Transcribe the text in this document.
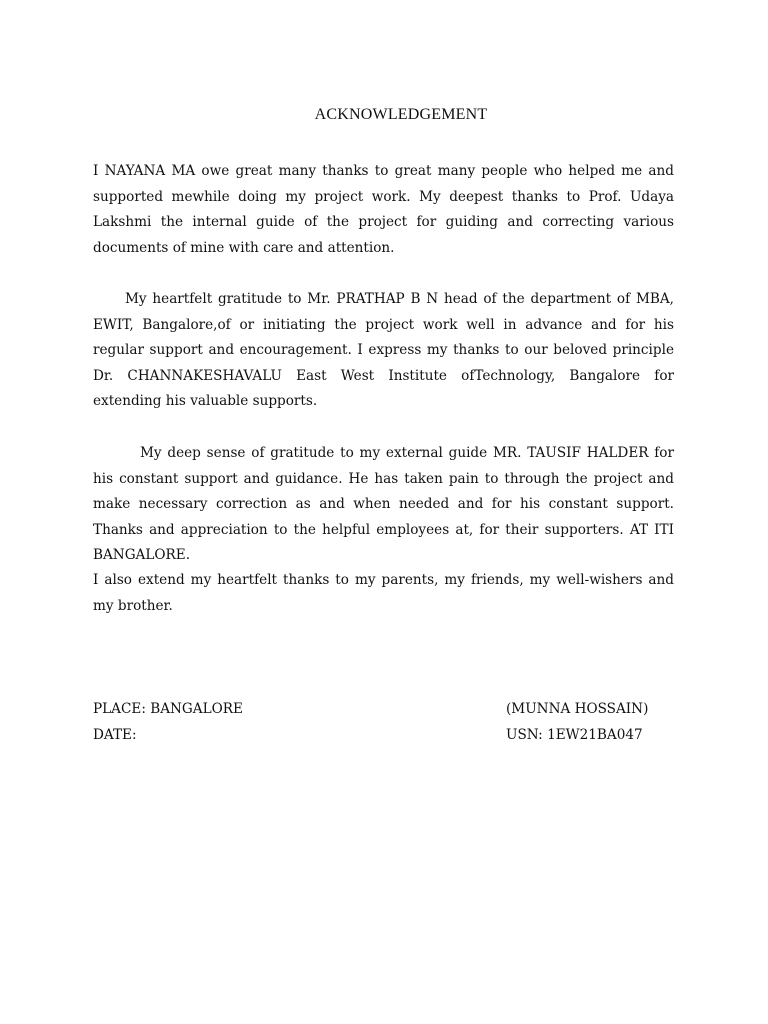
ACKNOWLEDGEMENT

I NAYANA MA owe great many thanks to great many people who helped me and supported mewhile doing my project work. My deepest thanks to Prof. Udaya Lakshmi the internal guide of the project for guiding and correcting various documents of mine with care and attention.

My heartfelt gratitude to Mr. PRATHAP B N head of the department of MBA, EWIT, Bangalore,of or initiating the project work well in advance and for his regular support and encouragement. I express my thanks to our beloved principle Dr. CHANNAKESHAVALU East West Institute ofTechnology, Bangalore for extending his valuable supports.

My deep sense of gratitude to my external guide MR. TAUSIF HALDER for his constant support and guidance. He has taken pain to through the project and make necessary correction as and when needed and for his constant support. Thanks and appreciation to the helpful employees at, for their supporters. AT ITI BANGALORE.

I also extend my heartfelt thanks to my parents, my friends, my well-wishers and my brother.

PLACE: BANGALORE
DATE:
(MUNNA HOSSAIN)
USN: 1EW21BA047
